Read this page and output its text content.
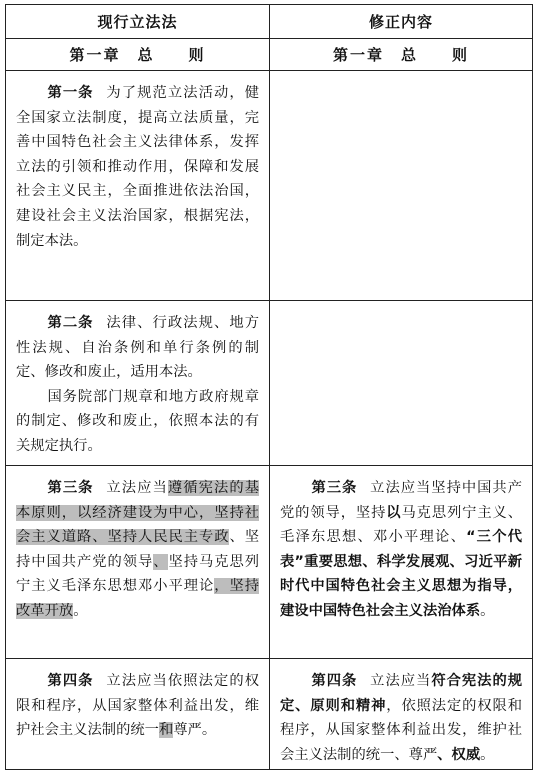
现行立法法	修正内容
第一章　总　　则	第一章　总　　则

第一条 为了规范立法活动，健全国家立法制度，提高立法质量，完善中国特色社会主义法律体系，发挥立法的引领和推动作用，保障和发展社会主义民主，全面推进依法治国，建设社会主义法治国家，根据宪法，制定本法。

第二条 法律、行政法规、地方性法规、自治条例和单行条例的制定、修改和废止，适用本法。

国务院部门规章和地方政府规章的制定、修改和废止，依照本法的有关规定执行。

第三条 立法应当遵循宪法的基本原则，以经济建设为中心，坚持社会主义道路、坚持人民民主专政、坚持中国共产党的领导、坚持马克思列宁主义毛泽东思想邓小平理论，坚持改革开放。

第三条 立法应当坚持中国共产党的领导，坚持以马克思列宁主义、毛泽东思想、邓小平理论、“三个代表”重要思想、科学发展观、习近平新时代中国特色社会主义思想为指导，建设中国特色社会主义法治体系。

第四条 立法应当依照法定的权限和程序，从国家整体利益出发，维护社会主义法制的统一和尊严。

第四条 立法应当符合宪法的规定、原则和精神，依照法定的权限和程序，从国家整体利益出发，维护社会主义法制的统一、尊严、权威。
